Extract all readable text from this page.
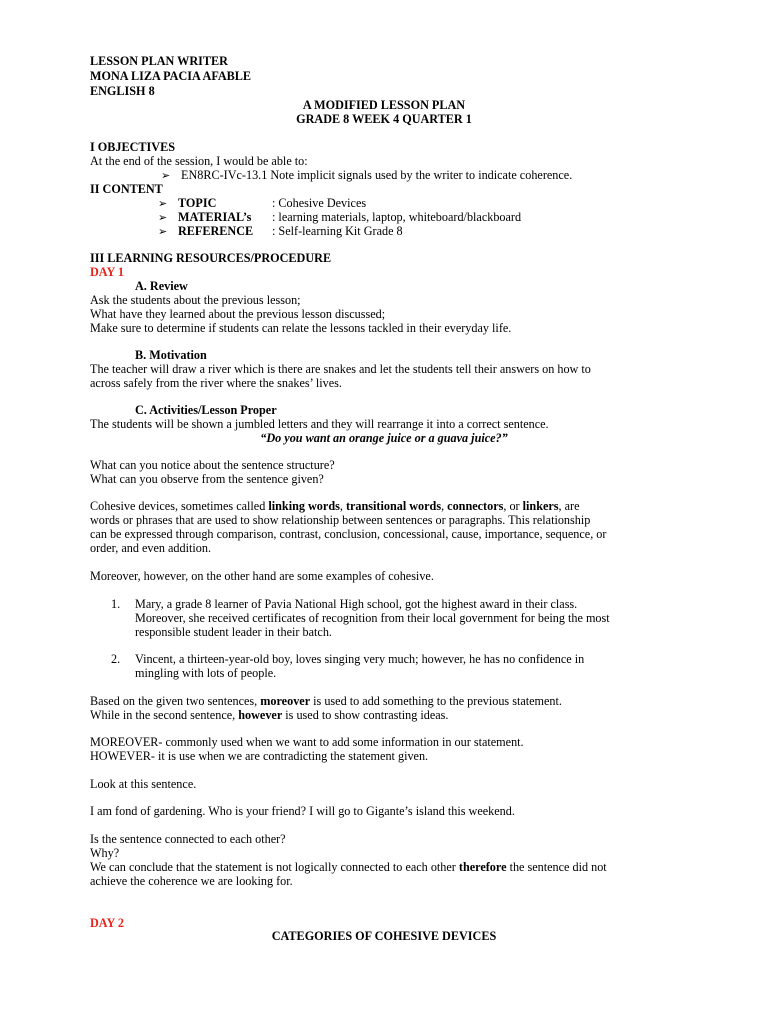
LESSON PLAN WRITER
MONA LIZA PACIA AFABLE
ENGLISH 8
A MODIFIED LESSON PLAN
GRADE 8 WEEK 4 QUARTER 1
I OBJECTIVES
At the end of the session, I would be able to:
➢ EN8RC-IVc-13.1 Note implicit signals used by the writer to indicate coherence.
II CONTENT
➢ TOPIC	: Cohesive Devices
➢ MATERIAL’s : learning materials, laptop, whiteboard/blackboard
➢ REFERENCE : Self-learning Kit Grade 8
III LEARNING RESOURCES/PROCEDURE
DAY 1
A. Review
Ask the students about the previous lesson;
What have they learned about the previous lesson discussed;
Make sure to determine if students can relate the lessons tackled in their everyday life.
B. Motivation
The teacher will draw a river which is there are snakes and let the students tell their answers on how to
across safely from the river where the snakes’ lives.
C. Activities/Lesson Proper
The students will be shown a jumbled letters and they will rearrange it into a correct sentence.
“Do you want an orange juice or a guava juice?”
What can you notice about the sentence structure?
What can you observe from the sentence given?
Cohesive devices, sometimes called linking words, transitional words, connectors, or linkers, are
words or phrases that are used to show relationship between sentences or paragraphs. This relationship
can be expressed through comparison, contrast, conclusion, concessional, cause, importance, sequence, or
order, and even addition.
Moreover, however, on the other hand are some examples of cohesive.
1. Mary, a grade 8 learner of Pavia National High school, got the highest award in their class.
Moreover, she received certificates of recognition from their local government for being the most
responsible student leader in their batch.
2. Vincent, a thirteen-year-old boy, loves singing very much; however, he has no confidence in
mingling with lots of people.
Based on the given two sentences, moreover is used to add something to the previous statement.
While in the second sentence, however is used to show contrasting ideas.
MOREOVER- commonly used when we want to add some information in our statement.
HOWEVER- it is use when we are contradicting the statement given.
Look at this sentence.
I am fond of gardening. Who is your friend? I will go to Gigante’s island this weekend.
Is the sentence connected to each other?
Why?
We can conclude that the statement is not logically connected to each other therefore the sentence did not
achieve the coherence we are looking for.
DAY 2
CATEGORIES OF COHESIVE DEVICES
